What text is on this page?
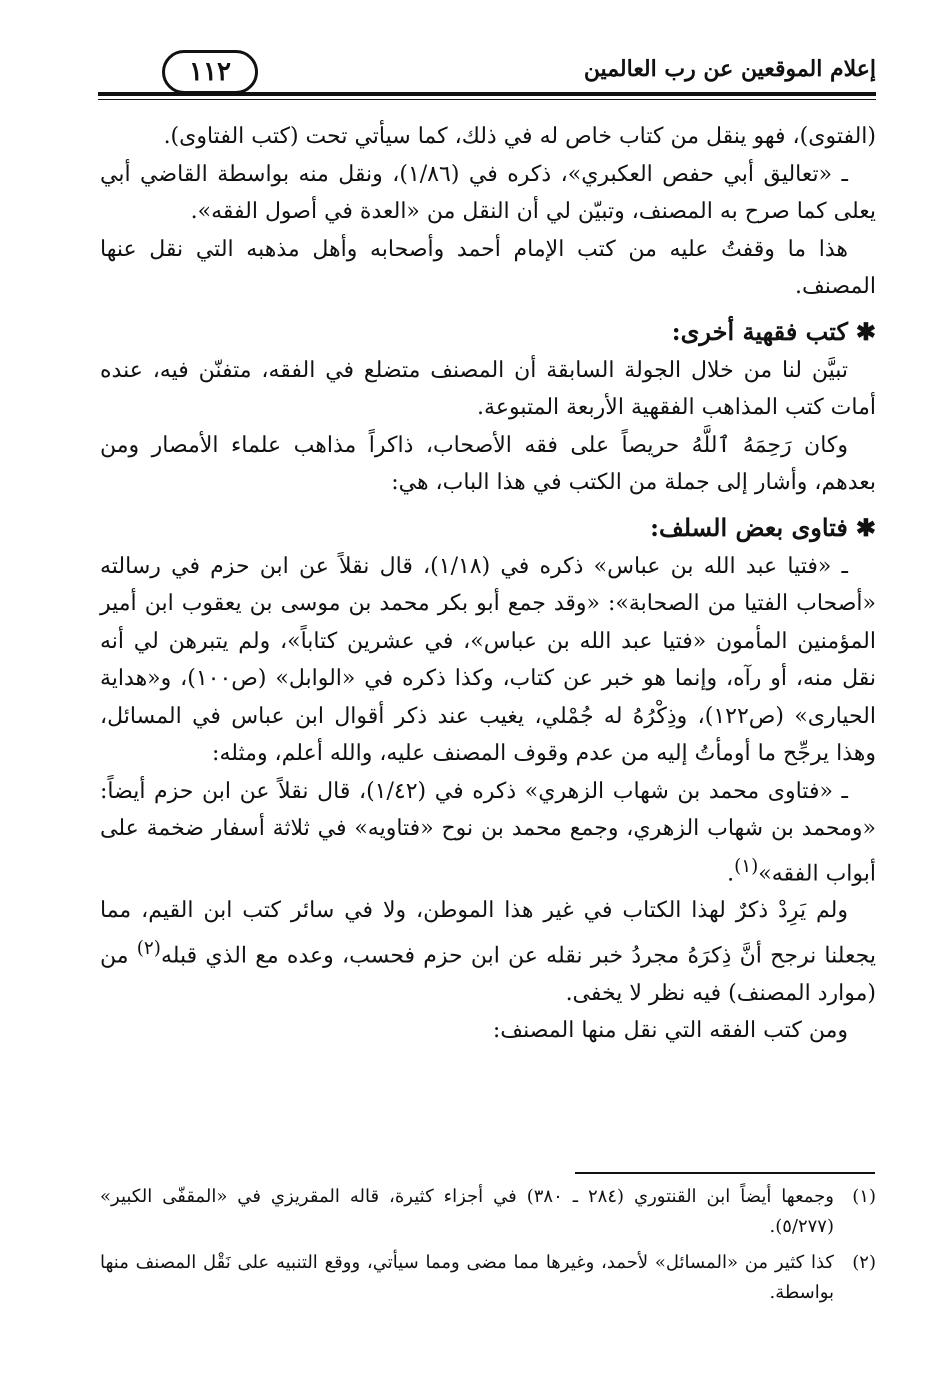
إعلام الموقعين عن رب العالمين
١١٢

(الفتوى)، فهو ينقل من كتاب خاص له في ذلك، كما سيأتي تحت (كتب الفتاوى).

ـ «تعاليق أبي حفص العكبري»، ذكره في (١/٨٦)، ونقل منه بواسطة القاضي أبي يعلى كما صرح به المصنف، وتبيّن لي أن النقل من «العدة في أصول الفقه».

هذا ما وقفتُ عليه من كتب الإمام أحمد وأصحابه وأهل مذهبه التي نقل عنها المصنف.

✱كتب فقهية أخرى:

تبيَّن لنا من خلال الجولة السابقة أن المصنف متضلع في الفقه، متفنّن فيه، عنده أمات كتب المذاهب الفقهية الأربعة المتبوعة.

وكان رَحِمَهُ ٱللَّهُ حريصاً على فقه الأصحاب، ذاكراً مذاهب علماء الأمصار ومن بعدهم، وأشار إلى جملة من الكتب في هذا الباب، هي:

✱فتاوى بعض السلف:

ـ «فتيا عبد الله بن عباس» ذكره في (١/١٨)، قال نقلاً عن ابن حزم في رسالته «أصحاب الفتيا من الصحابة»: «وقد جمع أبو بكر محمد بن موسى بن يعقوب ابن أمير المؤمنين المأمون «فتيا عبد الله بن عباس»، في عشرين كتاباً»، ولم يتبرهن لي أنه نقل منه، أو رآه، وإنما هو خبر عن كتاب، وكذا ذكره في «الوابل» (ص١٠٠)، و«هداية الحيارى» (ص١٢٢)، وذِكْرُهُ له جُمْلي، يغيب عند ذكر أقوال ابن عباس في المسائل، وهذا يرجِّح ما أومأتُ إليه من عدم وقوف المصنف عليه، والله أعلم، ومثله:

ـ «فتاوى محمد بن شهاب الزهري» ذكره في (١/٤٢)، قال نقلاً عن ابن حزم أيضاً: «ومحمد بن شهاب الزهري، وجمع محمد بن نوح «فتاويه» في ثلاثة أسفار ضخمة على أبواب الفقه»$^{(١)}$.

ولم يَرِدْ ذكرٌ لهذا الكتاب في غير هذا الموطن، ولا في سائر كتب ابن القيم، مما يجعلنا نرجح أنَّ ذِكرَهُ مجردُ خبر نقله عن ابن حزم فحسب، وعده مع الذي قبله$^{(٢)}$ من (موارد المصنف) فيه نظر لا يخفى.

ومن كتب الفقه التي نقل منها المصنف:

(١)
وجمعها أيضاً ابن القنتوري (٢٨٤ ـ ٣٨٠) في أجزاء كثيرة، قاله المقريزي في «المقفّى الكبير» (٥/٢٧٧).

(٢)
كذا كثير من «المسائل» لأحمد، وغيرها مما مضى ومما سيأتي، ووقع التنبيه على نَقْل المصنف منها بواسطة.
